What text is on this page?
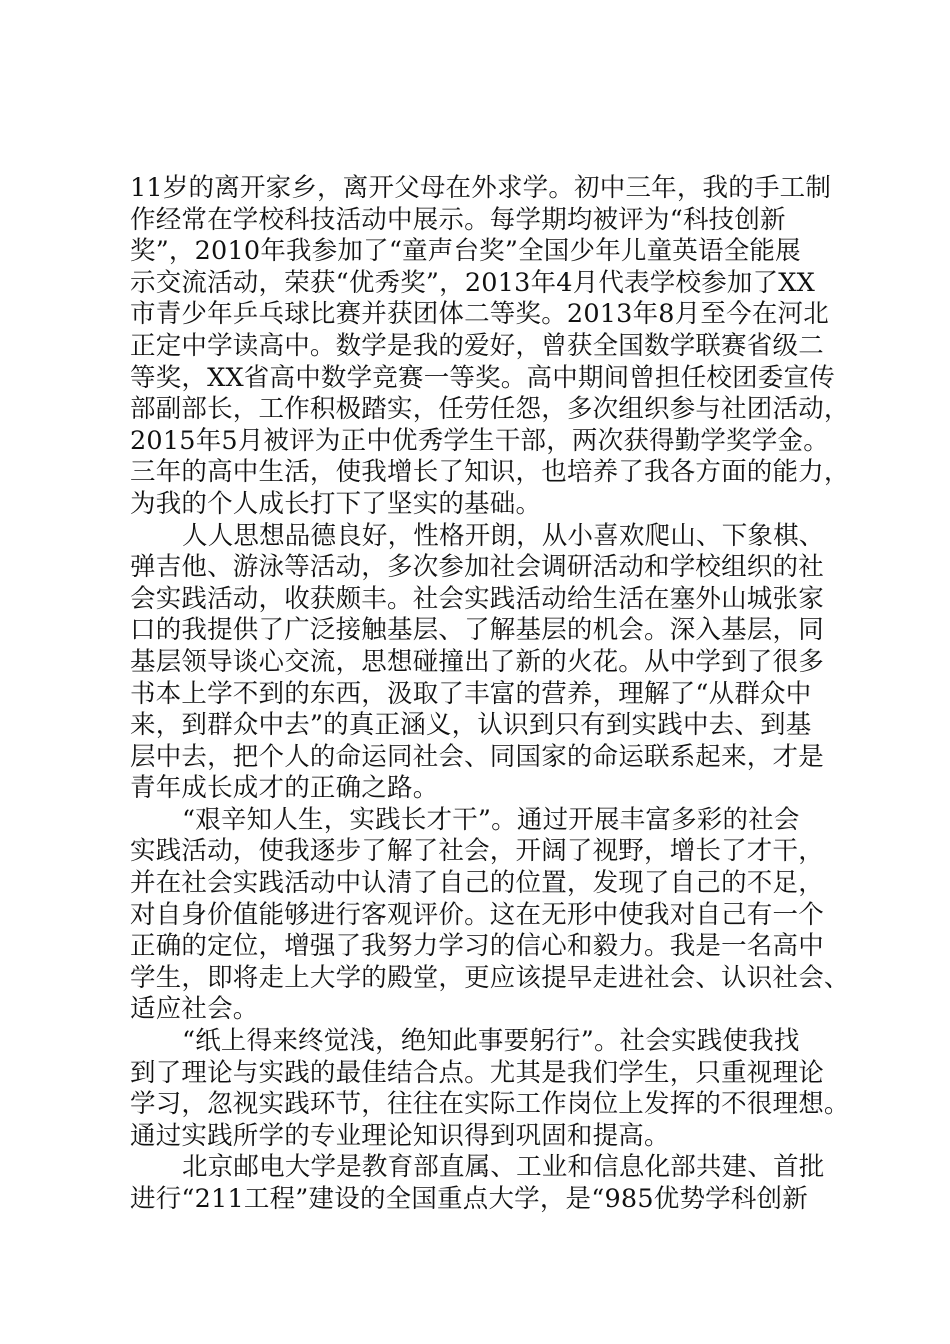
11岁的离开家乡，离开父母在外求学。初中三年，我的手工制
作经常在学校科技活动中展示。每学期均被评为“科技创新
奖”，2010年我参加了“童声台奖”全国少年儿童英语全能展
示交流活动，荣获“优秀奖”，2013年4月代表学校参加了XX
市青少年乒乓球比赛并获团体二等奖。2013年8月至今在河北
正定中学读高中。数学是我的爱好，曾获全国数学联赛省级二
等奖，XX省高中数学竞赛一等奖。高中期间曾担任校团委宣传
部副部长，工作积极踏实，任劳任怨，多次组织参与社团活动，
2015年5月被评为正中优秀学生干部，两次获得勤学奖学金。
三年的高中生活，使我增长了知识，也培养了我各方面的能力，
为我的个人成长打下了坚实的基础。
人人思想品德良好，性格开朗，从小喜欢爬山、下象棋、
弹吉他、游泳等活动，多次参加社会调研活动和学校组织的社
会实践活动，收获颇丰。社会实践活动给生活在塞外山城张家
口的我提供了广泛接触基层、了解基层的机会。深入基层，同
基层领导谈心交流，思想碰撞出了新的火花。从中学到了很多
书本上学不到的东西，汲取了丰富的营养，理解了“从群众中
来，到群众中去”的真正涵义，认识到只有到实践中去、到基
层中去，把个人的命运同社会、同国家的命运联系起来，才是
青年成长成才的正确之路。
“艰辛知人生，实践长才干”。通过开展丰富多彩的社会
实践活动，使我逐步了解了社会，开阔了视野，增长了才干，
并在社会实践活动中认清了自己的位置，发现了自己的不足，
对自身价值能够进行客观评价。这在无形中使我对自己有一个
正确的定位，增强了我努力学习的信心和毅力。我是一名高中
学生，即将走上大学的殿堂，更应该提早走进社会、认识社会、
适应社会。
“纸上得来终觉浅，绝知此事要躬行”。社会实践使我找
到了理论与实践的最佳结合点。尤其是我们学生，只重视理论
学习，忽视实践环节，往往在实际工作岗位上发挥的不很理想。
通过实践所学的专业理论知识得到巩固和提高。
北京邮电大学是教育部直属、工业和信息化部共建、首批
进行“211工程”建设的全国重点大学，是“985优势学科创新
